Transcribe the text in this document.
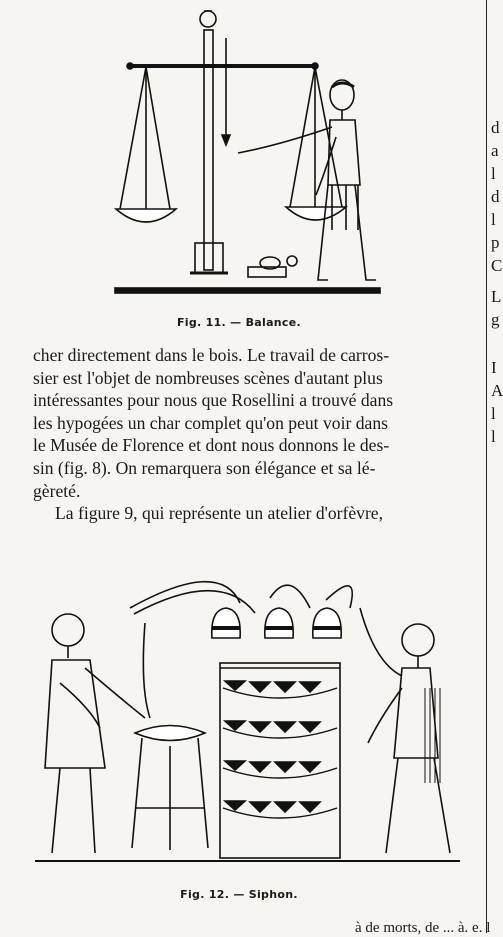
Fig. 11. — Balance.

cher directement dans le bois. Le travail de carros-
sier est l'objet de nombreuses scènes d'autant plus
intéressantes pour nous que Rosellini a trouvé dans
les hypogées un char complet qu'on peut voir dans
le Musée de Florence et dont nous donnons le des-
sin (fig. 8). On remarquera son élégance et sa lé-
gèreté.
La figure 9, qui représente un atelier d'orfèvre,

Fig. 12. — Siphon.
d
a
l
d
l
p
C
L
g
I
A
l
l
à de morts, de ... à. e. l
